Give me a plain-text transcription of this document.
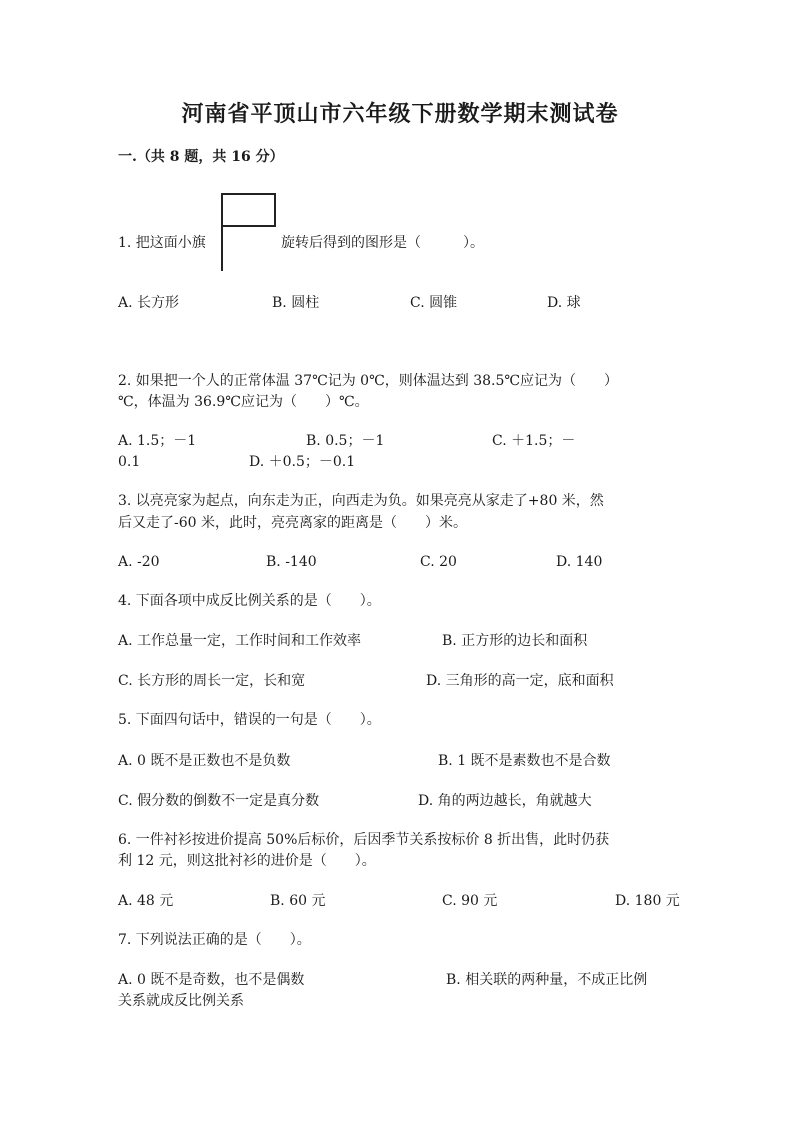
河南省平顶山市六年级下册数学期末测试卷
一.（共 8 题，共 16 分）
1. 把这面小旗	旋转后得到的图形是（　　　）。
A. 长方形	B. 圆柱	C. 圆锥	D. 球
2. 如果把一个人的正常体温 37℃记为 0℃，则体温达到 38.5℃应记为（　　）
℃，体温为 36.9℃应记为（　　）℃。
A. 1.5；－1	B. 0.5；－1	C. ＋1.5；－
0.1	D. ＋0.5；－0.1
3. 以亮亮家为起点，向东走为正，向西走为负。如果亮亮从家走了+80 米，然
后又走了-60 米，此时，亮亮离家的距离是（　　）米。
A. -20	B. -140	C. 20	D. 140
4. 下面各项中成反比例关系的是（　　）。
A. 工作总量一定，工作时间和工作效率	B. 正方形的边长和面积
C. 长方形的周长一定，长和宽	D. 三角形的高一定，底和面积
5. 下面四句话中，错误的一句是（　　）。
A. 0 既不是正数也不是负数	B. 1 既不是素数也不是合数
C. 假分数的倒数不一定是真分数	D. 角的两边越长，角就越大
6. 一件衬衫按进价提高 50%后标价，后因季节关系按标价 8 折出售，此时仍获
利 12 元，则这批衬衫的进价是（　　）。
A. 48 元	B. 60 元	C. 90 元	D. 180 元
7. 下列说法正确的是（　　）。
A. 0 既不是奇数，也不是偶数	B. 相关联的两种量，不成正比例
关系就成反比例关系
